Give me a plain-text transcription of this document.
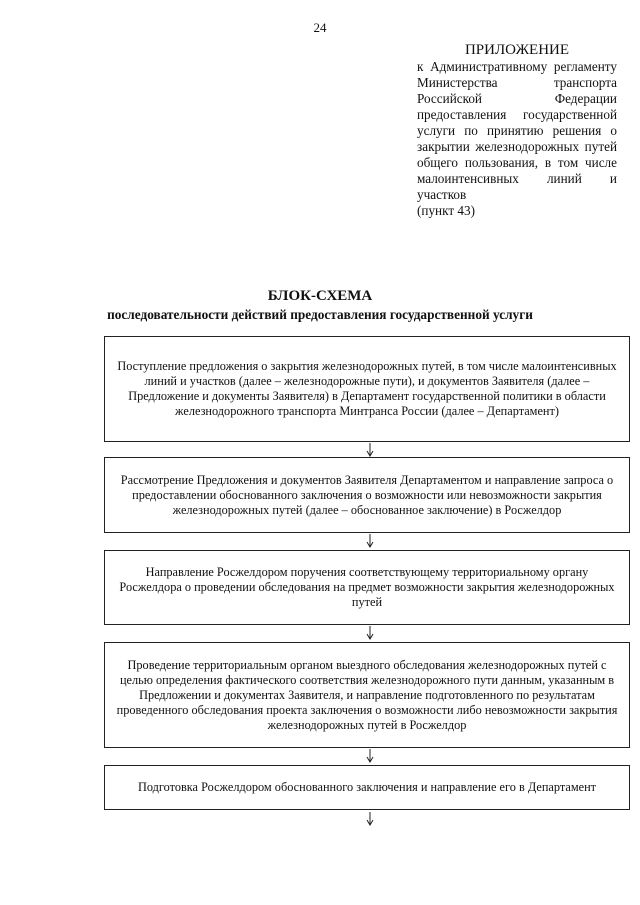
24
ПРИЛОЖЕНИЕ
к Административному регламенту Министерства транспорта Российской Федерации предоставления государственной услуги по принятию решения о закрытии железнодорожных путей общего пользования, в том числе малоинтенсивных линий и участков
(пункт 43)
БЛОК-СХЕМА
последовательности действий предоставления государственной услуги
Поступление предложения о закрытия железнодорожных путей, в том числе малоинтенсивных линий и участков (далее – железнодорожные пути), и документов Заявителя (далее – Предложение и документы Заявителя) в Департамент государственной политики в области железнодорожного транспорта Минтранса России (далее – Департамент)
Рассмотрение Предложения и документов Заявителя Департаментом и направление запроса о предоставлении обоснованного заключения о возможности или невозможности закрытия железнодорожных путей (далее – обоснованное заключение) в Росжелдор
Направление Росжелдором поручения соответствующему территориальному органу Росжелдора о проведении обследования на предмет возможности закрытия железнодорожных путей
Проведение территориальным органом выездного обследования железнодорожных путей с целью определения фактического соответствия железнодорожного пути данным, указанным в Предложении и документах Заявителя, и направление подготовленного по результатам проведенного обследования проекта заключения о возможности либо невозможности закрытия железнодорожных путей в Росжелдор
Подготовка Росжелдором обоснованного заключения и направление его в Департамент
